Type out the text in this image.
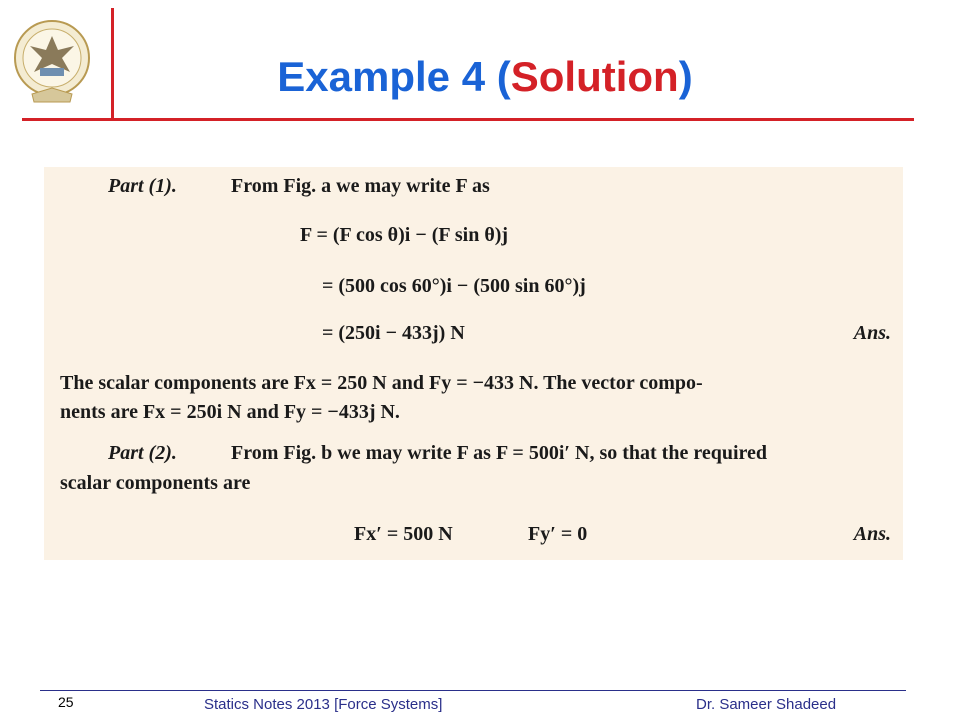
Example 4 (Solution)
Part (1).	From Fig. a we may write F as
F = (F cos θ)i − (F sin θ)j
= (500 cos 60°)i − (500 sin 60°)j
= (250i − 433j) N	Ans.
The scalar components are Fx = 250 N and Fy = −433 N. The vector compo-
nents are Fx = 250i N and Fy = −433j N.
Part (2).	From Fig. b we may write F as F = 500i′ N, so that the required
scalar components are
Fx′ = 500 N	Fy′ = 0	Ans.
25	Statics Notes 2013 [Force Systems]	Dr. Sameer Shadeed
